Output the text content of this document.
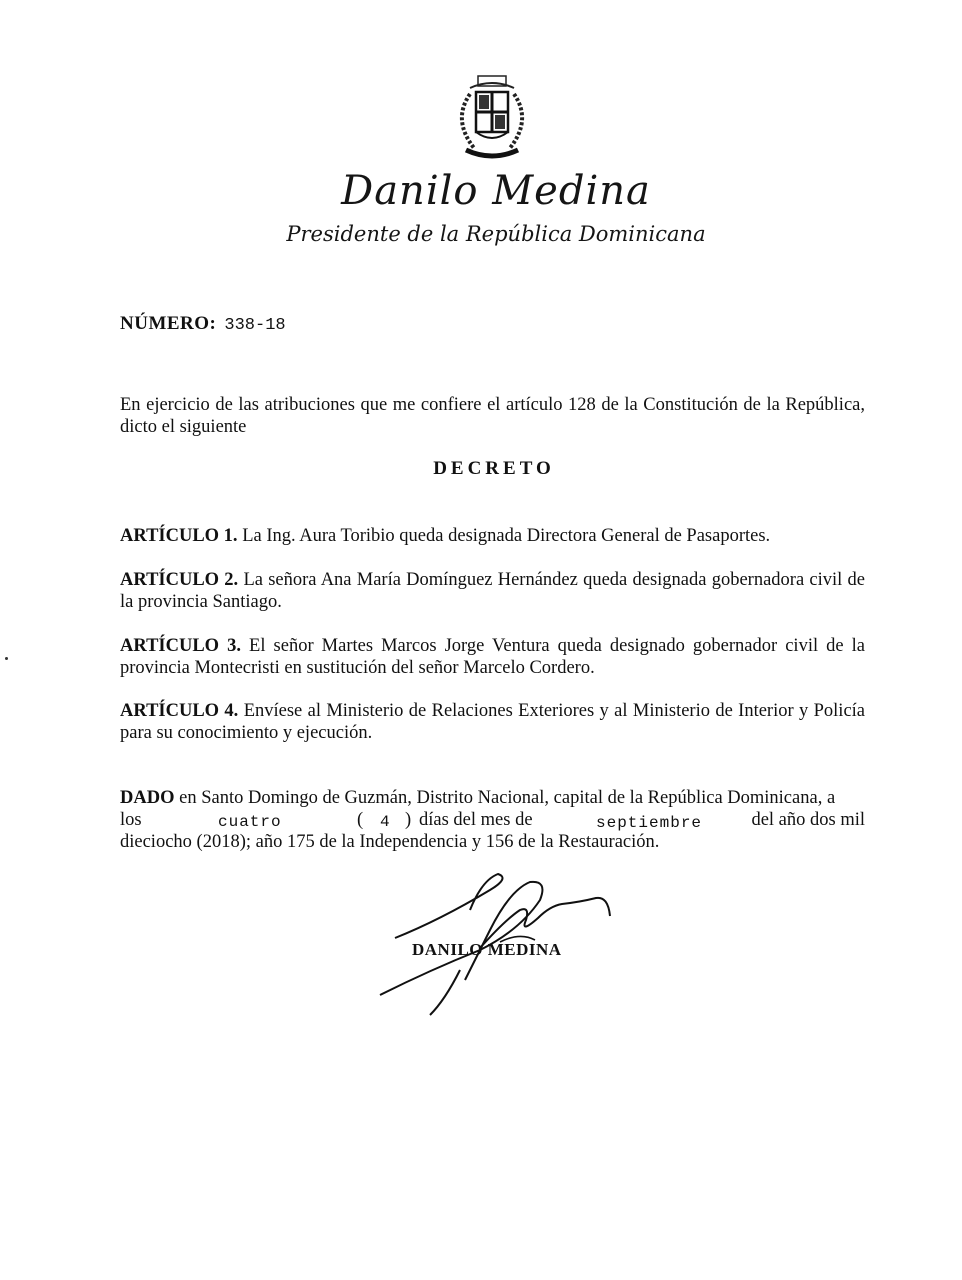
Danilo Medina
Presidente de la República Dominicana
NÚMERO: 338-18
En ejercicio de las atribuciones que me confiere el artículo 128 de la Constitución de la República, dicto el siguiente
DECRETO
ARTÍCULO 1. La Ing. Aura Toribio queda designada Directora General de Pasaportes.
ARTÍCULO 2. La señora Ana María Domínguez Hernández queda designada gobernadora civil de la provincia Santiago.
ARTÍCULO 3. El señor Martes Marcos Jorge Ventura queda designado gobernador civil de la provincia Montecristi en sustitución del señor Marcelo Cordero.
ARTÍCULO 4. Envíese al Ministerio de Relaciones Exteriores y al Ministerio de Interior y Policía para su conocimiento y ejecución.
DADO en Santo Domingo de Guzmán, Distrito Nacional, capital de la República Dominicana, a
los	cuatro	( 4 ) días del mes de	septiembre	del año dos mil
dieciocho (2018); año 175 de la Independencia y 156 de la Restauración.
DANILO MEDINA
